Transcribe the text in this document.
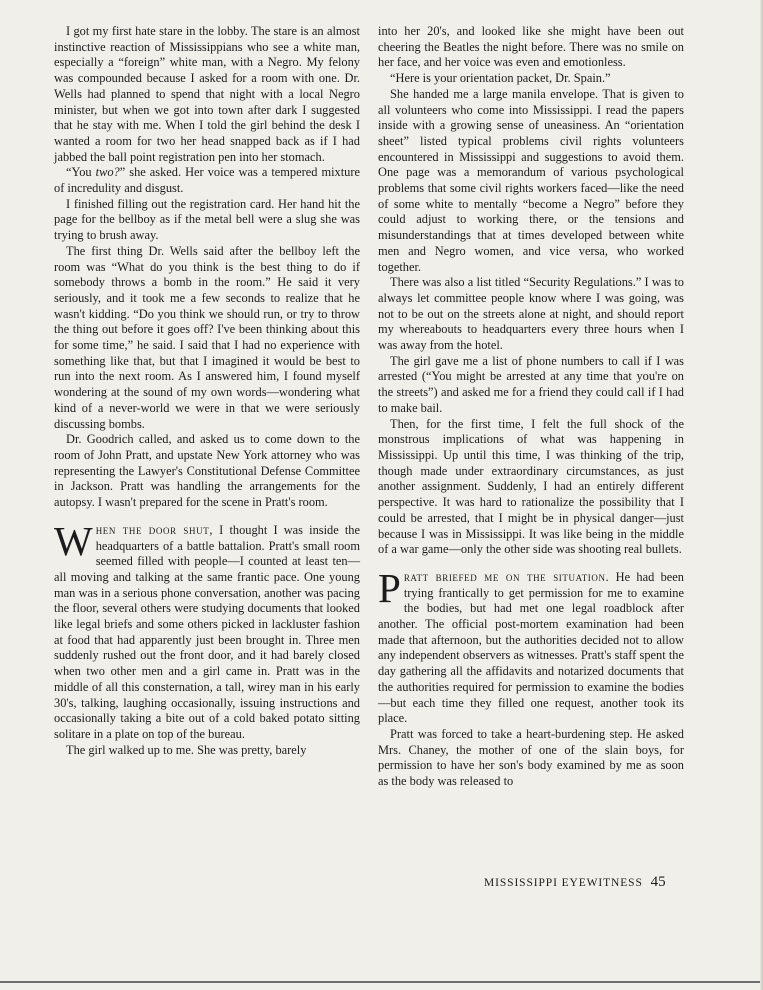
I got my first hate stare in the lobby. The stare is an almost instinctive reaction of Mississippians who see a white man, especially a “foreign” white man, with a Negro. My felony was compounded because I asked for a room with one. Dr. Wells had planned to spend that night with a local Negro minister, but when we got into town after dark I suggested that he stay with me. When I told the girl behind the desk I wanted a room for two her head snapped back as if I had jabbed the ball point registration pen into her stomach.

“You two?” she asked. Her voice was a tempered mixture of incredulity and disgust.

I finished filling out the registration card. Her hand hit the page for the bellboy as if the metal bell were a slug she was trying to brush away.

The first thing Dr. Wells said after the bellboy left the room was “What do you think is the best thing to do if somebody throws a bomb in the room.” He said it very seriously, and it took me a few seconds to realize that he wasn't kidding. “Do you think we should run, or try to throw the thing out before it goes off? I've been thinking about this for some time,” he said. I said that I had no experience with something like that, but that I imagined it would be best to run into the next room. As I answered him, I found myself wondering at the sound of my own words—wondering what kind of a never-world we were in that we were seriously discussing bombs.

Dr. Goodrich called, and asked us to come down to the room of John Pratt, and upstate New York attorney who was representing the Lawyer's Constitutional Defense Committee in Jackson. Pratt was handling the arrangements for the autopsy. I wasn't prepared for the scene in Pratt's room.

When the door shut, I thought I was inside the headquarters of a battle battalion. Pratt's small room seemed filled with people—I counted at least ten—all moving and talking at the same frantic pace. One young man was in a serious phone conversation, another was pacing the floor, several others were studying documents that looked like legal briefs and some others picked in lackluster fashion at food that had apparently just been brought in. Three men suddenly rushed out the front door, and it had barely closed when two other men and a girl came in. Pratt was in the middle of all this consternation, a tall, wirey man in his early 30's, talking, laughing occasionally, issuing instructions and occasionally taking a bite out of a cold baked potato sitting solitare in a plate on top of the bureau.

The girl walked up to me. She was pretty, barely

into her 20's, and looked like she might have been out cheering the Beatles the night before. There was no smile on her face, and her voice was even and emotionless.

“Here is your orientation packet, Dr. Spain.”

She handed me a large manila envelope. That is given to all volunteers who come into Mississippi. I read the papers inside with a growing sense of uneasiness. An “orientation sheet” listed typical problems civil rights volunteers encountered in Mississippi and suggestions to avoid them. One page was a memorandum of various psychological problems that some civil rights workers faced—like the need of some white to mentally “become a Negro” before they could adjust to working there, or the tensions and misunderstandings that at times developed between white men and Negro women, and vice versa, who worked together.

There was also a list titled “Security Regulations.” I was to always let committee people know where I was going, was not to be out on the streets alone at night, and should report my whereabouts to headquarters every three hours when I was away from the hotel.

The girl gave me a list of phone numbers to call if I was arrested (“You might be arrested at any time that you're on the streets”) and asked me for a friend they could call if I had to make bail.

Then, for the first time, I felt the full shock of the monstrous implications of what was happening in Mississippi. Up until this time, I was thinking of the trip, though made under extraordinary circumstances, as just another assignment. Suddenly, I had an entirely different perspective. It was hard to rationalize the possibility that I could be arrested, that I might be in physical danger—just because I was in Mississippi. It was like being in the middle of a war game—only the other side was shooting real bullets.

Pratt briefed me on the situation. He had been trying frantically to get permission for me to examine the bodies, but had met one legal roadblock after another. The official post-mortem examination had been made that afternoon, but the authorities decided not to allow any independent observers as witnesses. Pratt's staff spent the day gathering all the affidavits and notarized documents that the authorities required for permission to examine the bodies—but each time they filled one request, another took its place.

Pratt was forced to take a heart-burdening step. He asked Mrs. Chaney, the mother of one of the slain boys, for permission to have her son's body examined by me as soon as the body was released to

MISSISSIPPI EYEWITNESS 45
